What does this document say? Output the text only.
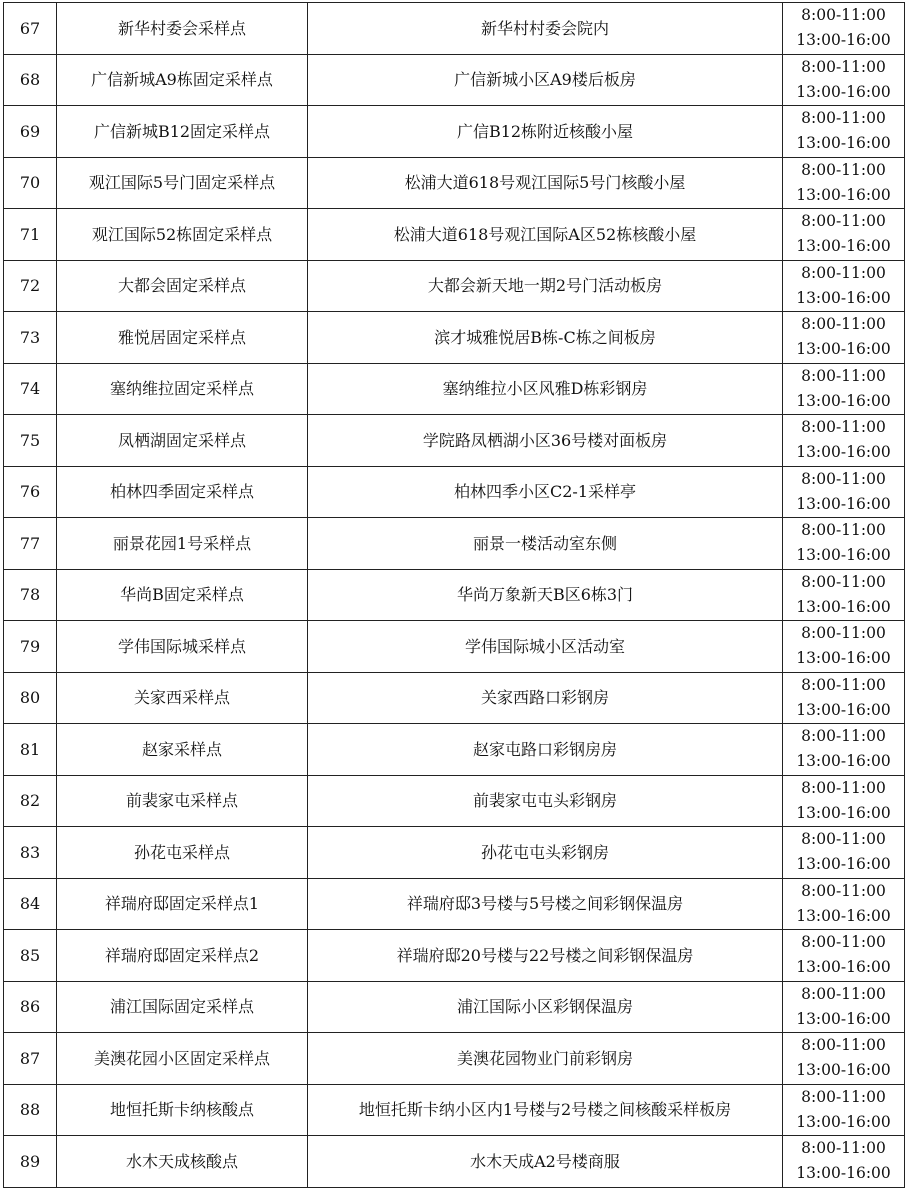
67	新华村委会采样点	新华村村委会院内	8:00-11:00
13:00-16:00

68	广信新城A9栋固定采样点	广信新城小区A9楼后板房	8:00-11:00
13:00-16:00

69	广信新城B12固定采样点	广信B12栋附近核酸小屋	8:00-11:00
13:00-16:00

70	观江国际5号门固定采样点	松浦大道618号观江国际5号门核酸小屋	8:00-11:00
13:00-16:00

71	观江国际52栋固定采样点	松浦大道618号观江国际A区52栋核酸小屋	8:00-11:00
13:00-16:00

72	大都会固定采样点	大都会新天地一期2号门活动板房	8:00-11:00
13:00-16:00

73	雅悦居固定采样点	滨才城雅悦居B栋-C栋之间板房	8:00-11:00
13:00-16:00

74	塞纳维拉固定采样点	塞纳维拉小区风雅D栋彩钢房	8:00-11:00
13:00-16:00

75	凤栖湖固定采样点	学院路凤栖湖小区36号楼对面板房	8:00-11:00
13:00-16:00

76	柏林四季固定采样点	柏林四季小区C2-1采样亭	8:00-11:00
13:00-16:00

77	丽景花园1号采样点	丽景一楼活动室东侧	8:00-11:00
13:00-16:00

78	华尚B固定采样点	华尚万象新天B区6栋3门	8:00-11:00
13:00-16:00

79	学伟国际城采样点	学伟国际城小区活动室	8:00-11:00
13:00-16:00

80	关家西采样点	关家西路口彩钢房	8:00-11:00
13:00-16:00

81	赵家采样点	赵家屯路口彩钢房房	8:00-11:00
13:00-16:00

82	前裴家屯采样点	前裴家屯屯头彩钢房	8:00-11:00
13:00-16:00

83	孙花屯采样点	孙花屯屯头彩钢房	8:00-11:00
13:00-16:00

84	祥瑞府邸固定采样点1	祥瑞府邸3号楼与5号楼之间彩钢保温房	8:00-11:00
13:00-16:00

85	祥瑞府邸固定采样点2	祥瑞府邸20号楼与22号楼之间彩钢保温房	8:00-11:00
13:00-16:00

86	浦江国际固定采样点	浦江国际小区彩钢保温房	8:00-11:00
13:00-16:00

87	美澳花园小区固定采样点	美澳花园物业门前彩钢房	8:00-11:00
13:00-16:00

88	地恒托斯卡纳核酸点	地恒托斯卡纳小区内1号楼与2号楼之间核酸采样板房	8:00-11:00
13:00-16:00

89	水木天成核酸点	水木天成A2号楼商服	8:00-11:00
13:00-16:00
